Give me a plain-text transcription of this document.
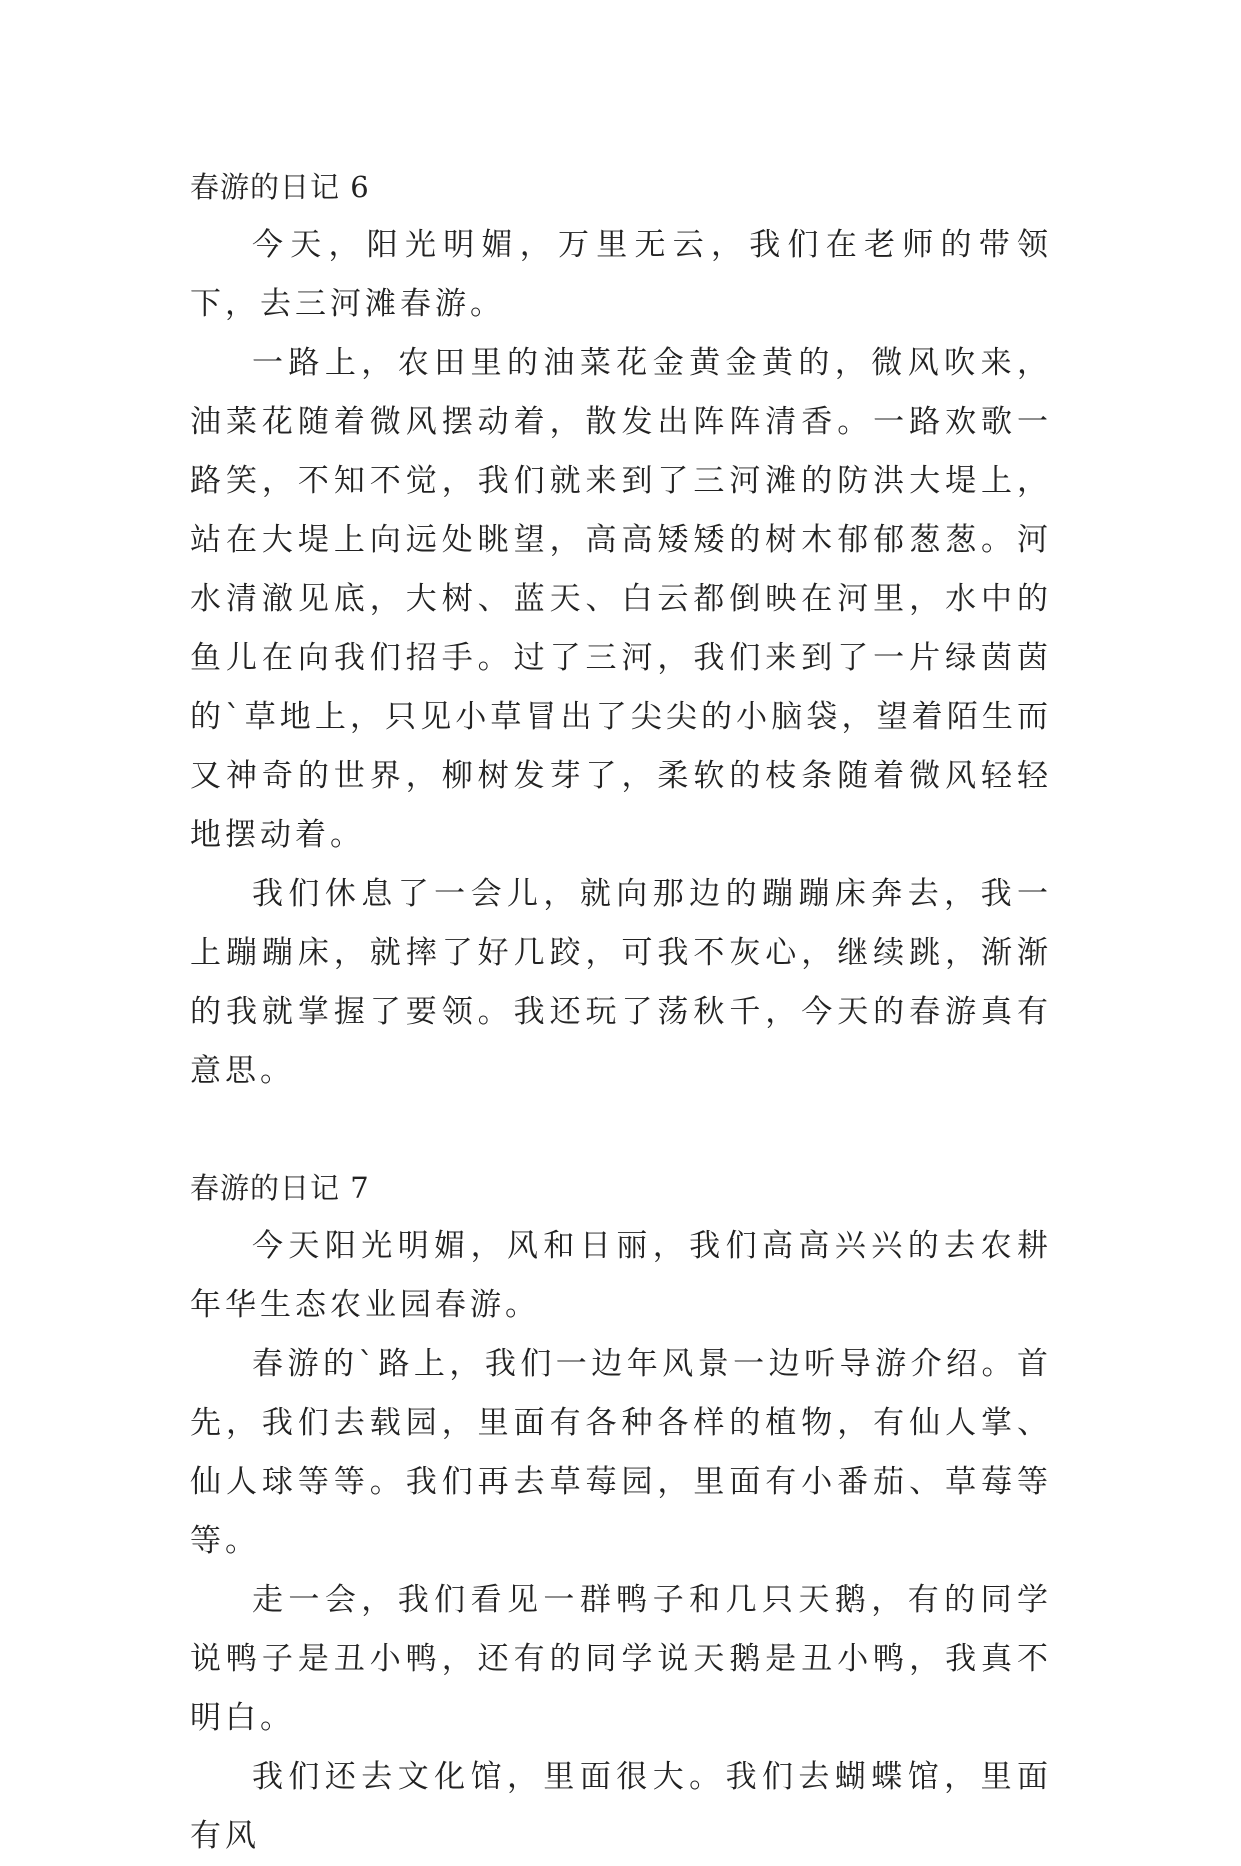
春游的日记 6

今天，阳光明媚，万里无云，我们在老师的带领下，去三河滩春游。

一路上，农田里的油菜花金黄金黄的，微风吹来，油菜花随着微风摆动着，散发出阵阵清香。一路欢歌一路笑，不知不觉，我们就来到了三河滩的防洪大堤上，站在大堤上向远处眺望，高高矮矮的树木郁郁葱葱。河水清澈见底，大树、蓝天、白云都倒映在河里，水中的鱼儿在向我们招手。过了三河，我们来到了一片绿茵茵的`草地上，只见小草冒出了尖尖的小脑袋，望着陌生而又神奇的世界，柳树发芽了，柔软的枝条随着微风轻轻地摆动着。

我们休息了一会儿，就向那边的蹦蹦床奔去，我一上蹦蹦床，就摔了好几跤，可我不灰心，继续跳，渐渐的我就掌握了要领。我还玩了荡秋千，今天的春游真有意思。

春游的日记 7

今天阳光明媚，风和日丽，我们高高兴兴的去农耕年华生态农业园春游。

春游的`路上，我们一边年风景一边听导游介绍。首先，我们去载园，里面有各种各样的植物，有仙人掌、仙人球等等。我们再去草莓园，里面有小番茄、草莓等等。

走一会，我们看见一群鸭子和几只天鹅，有的同学说鸭子是丑小鸭，还有的同学说天鹅是丑小鸭，我真不明白。

我们还去文化馆，里面很大。我们去蝴蝶馆，里面有风
